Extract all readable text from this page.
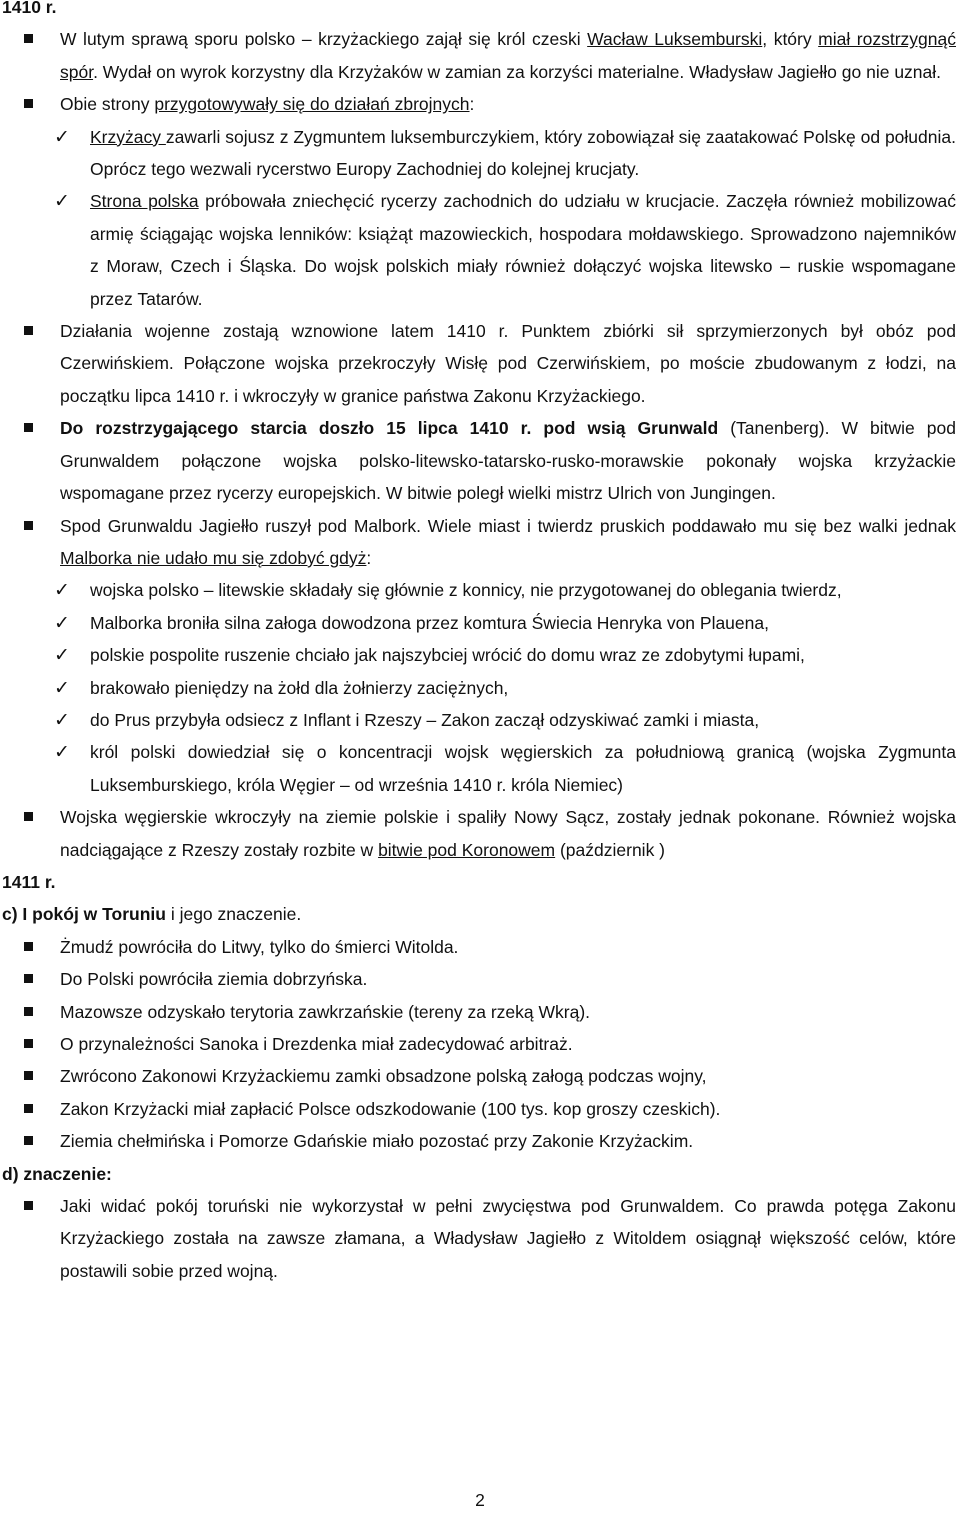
1410 r.
W lutym sprawą sporu polsko – krzyżackiego zajął się król czeski Wacław Luksemburski, który miał rozstrzygnąć spór. Wydał on wyrok korzystny dla Krzyżaków w zamian za korzyści materialne. Władysław Jagiełło go nie uznał.
Obie strony przygotowywały się do działań zbrojnych:
✓	Krzyżacy zawarli sojusz z Zygmuntem luksemburczykiem, który zobowiązał się zaatakować Polskę od południa. Oprócz tego wezwali rycerstwo Europy Zachodniej do kolejnej krucjaty.
✓	Strona polska próbowała zniechęcić rycerzy zachodnich do udziału w krucjacie. Zaczęła również mobilizować armię ściągając wojska lenników: książąt mazowieckich, hospodara mołdawskiego. Sprowadzono najemników z Moraw, Czech i Śląska. Do wojsk polskich miały również dołączyć wojska litewsko – ruskie wspomagane przez Tatarów.
Działania wojenne zostają wznowione latem 1410 r. Punktem zbiórki sił sprzymierzonych był obóz pod Czerwińskiem. Połączone wojska przekroczyły Wisłę pod Czerwińskiem, po moście zbudowanym z łodzi, na początku lipca 1410 r. i wkroczyły w granice państwa Zakonu Krzyżackiego.
Do rozstrzygającego starcia doszło 15 lipca 1410 r. pod wsią Grunwald (Tanenberg). W bitwie pod Grunwaldem połączone wojska polsko-litewsko-tatarsko-rusko-morawskie pokonały wojska krzyżackie wspomagane przez rycerzy europejskich. W bitwie poległ wielki mistrz Ulrich von Jungingen.
Spod Grunwaldu Jagiełło ruszył pod Malbork. Wiele miast i twierdz pruskich poddawało mu się bez walki jednak Malborka nie udało mu się zdobyć gdyż:
✓	wojska polsko – litewskie składały się głównie z konnicy, nie przygotowanej do oblegania twierdz,
✓	Malborka broniła silna załoga dowodzona przez komtura Świecia Henryka von Plauena,
✓	polskie pospolite ruszenie chciało jak najszybciej wrócić do domu wraz ze zdobytymi łupami,
✓	brakowało pieniędzy na żołd dla żołnierzy zaciężnych,
✓	do Prus przybyła odsiecz z Inflant i Rzeszy – Zakon zaczął odzyskiwać zamki i miasta,
✓	król polski dowiedział się o koncentracji wojsk węgierskich za południową granicą (wojska Zygmunta Luksemburskiego, króla Węgier – od września 1410 r. króla Niemiec)
Wojska węgierskie wkroczyły na ziemie polskie i spaliły Nowy Sącz, zostały jednak pokonane. Również wojska nadciągające z Rzeszy zostały rozbite w bitwie pod Koronowem (październik )
1411 r.
c) I pokój w Toruniu i jego znaczenie.
Żmudź powróciła do Litwy, tylko do śmierci Witolda.
Do Polski powróciła ziemia dobrzyńska.
Mazowsze odzyskało terytoria zawkrzańskie (tereny za rzeką Wkrą).
O przynależności Sanoka i Drezdenka miał zadecydować arbitraż.
Zwrócono Zakonowi Krzyżackiemu zamki obsadzone polską załogą podczas wojny,
Zakon Krzyżacki miał zapłacić Polsce odszkodowanie (100 tys. kop groszy czeskich).
Ziemia chełmińska i Pomorze Gdańskie miało pozostać przy Zakonie Krzyżackim.
d) znaczenie:
Jaki widać pokój toruński nie wykorzystał w pełni zwycięstwa pod Grunwaldem. Co prawda potęga Zakonu Krzyżackiego została na zawsze złamana, a Władysław Jagiełło z Witoldem osiągnął większość celów, które postawili sobie przed wojną.
2
